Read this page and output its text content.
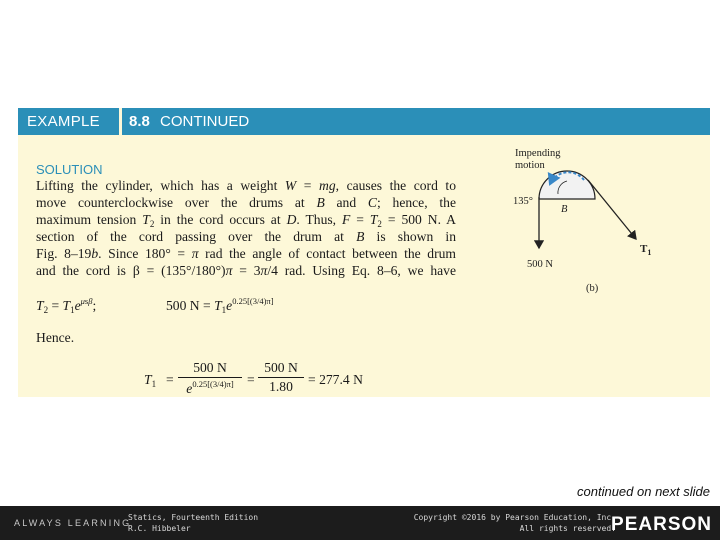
EXAMPLE 8.8 CONTINUED
SOLUTION
Lifting the cylinder, which has a weight W = mg, causes the cord to
move counterclockwise over the drums at B and C; hence, the
maximum tension $T_2$ in the cord occurs at D. Thus, $F = T_2 = 500$ N. A
section of the cord passing over the drum at B is shown in
Fig. 8–19b. Since 180° = π rad the angle of contact between the drum
and the cord is β = (135°/180°)π = 3π/4 rad. Using Eq. 8–6, we have
$T_2 = T_1e^{\mu s\beta}$;	500 $N = T_1e^{0.25[(3/4)\pi]}$
Hence.
$T_1 = \frac{500 N}{e^{0.25[(3/4)\pi]}} = \frac{500 N}{1.80} = 277.4$ N
Impending
motion
135°
B
$T_1$
500 N
(b)
continued on next slide
ALWAYS LEARNING
Statics, Fourteenth Edition
R.C. Hibbeler
Copyright ©2016 by Pearson Education, Inc.
All rights reserved.
PEARSON
